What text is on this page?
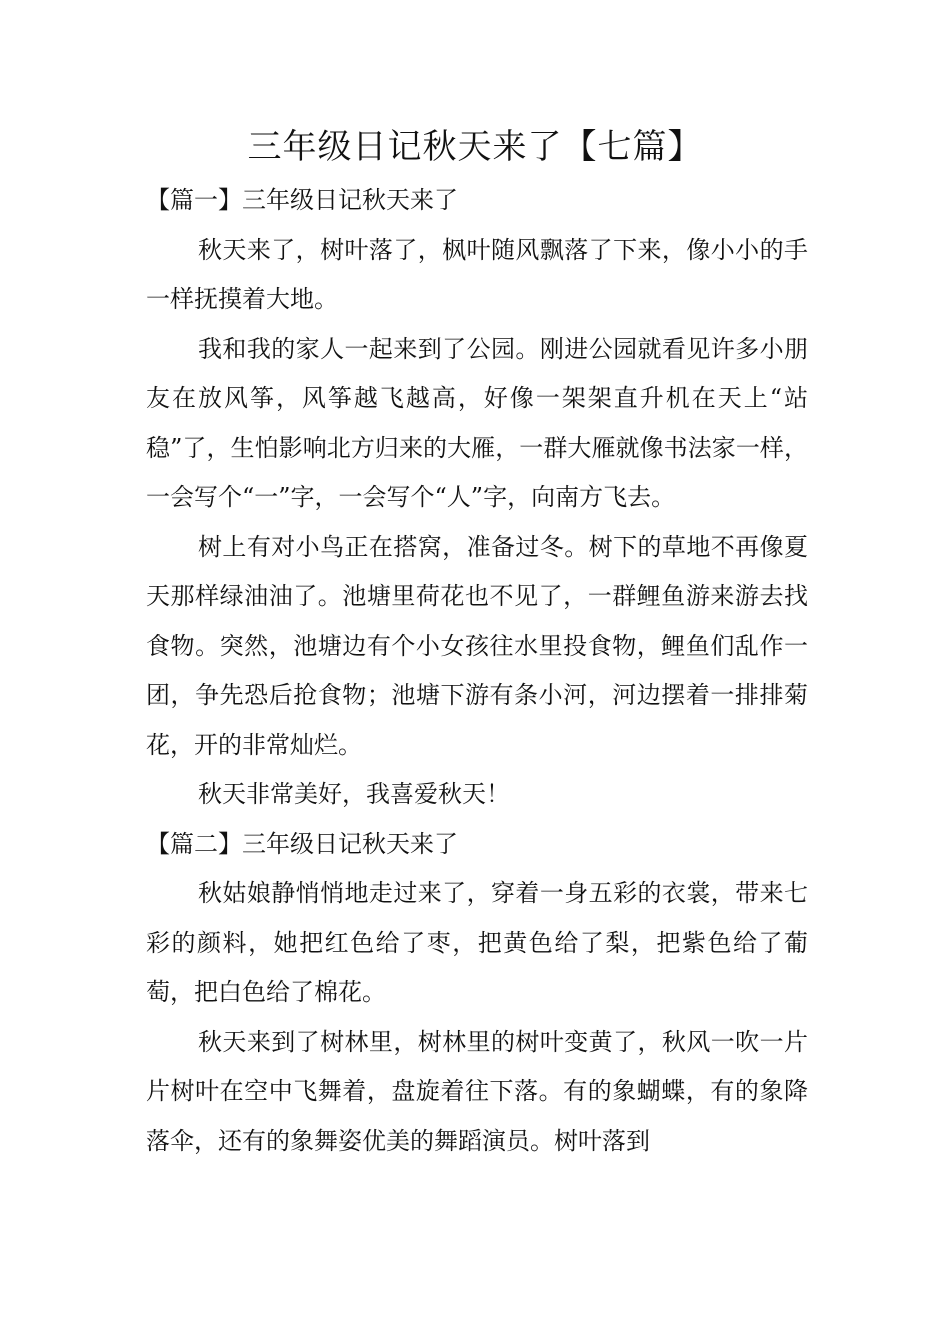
三年级日记秋天来了【七篇】
【篇一】三年级日记秋天来了

秋天来了，树叶落了，枫叶随风飘落了下来，像小小的手一样抚摸着大地。

我和我的家人一起来到了公园。刚进公园就看见许多小朋友在放风筝，风筝越飞越高，好像一架架直升机在天上“站稳”了，生怕影响北方归来的大雁，一群大雁就像书法家一样，一会写个“一”字，一会写个“人”字，向南方飞去。

树上有对小鸟正在搭窝，准备过冬。树下的草地不再像夏天那样绿油油了。池塘里荷花也不见了，一群鲤鱼游来游去找食物。突然，池塘边有个小女孩往水里投食物，鲤鱼们乱作一团，争先恐后抢食物；池塘下游有条小河，河边摆着一排排菊花，开的非常灿烂。

秋天非常美好，我喜爱秋天！

【篇二】三年级日记秋天来了

秋姑娘静悄悄地走过来了，穿着一身五彩的衣裳，带来七彩的颜料，她把红色给了枣，把黄色给了梨，把紫色给了葡萄，把白色给了棉花。

秋天来到了树林里，树林里的树叶变黄了，秋风一吹一片片树叶在空中飞舞着，盘旋着往下落。有的象蝴蝶，有的象降落伞，还有的象舞姿优美的舞蹈演员。树叶落到
